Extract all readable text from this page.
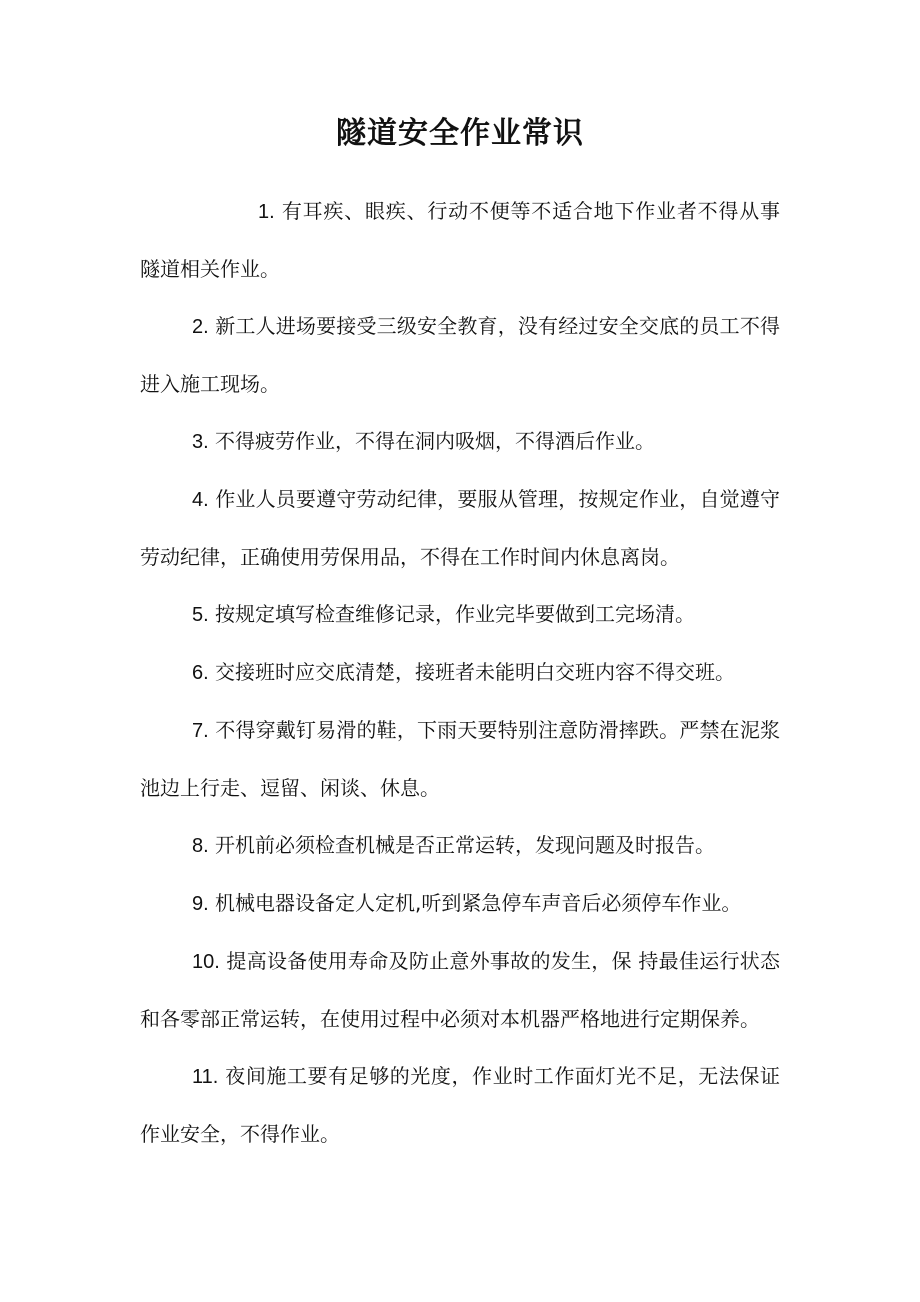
隧道安全作业常识

1. 有耳疾、眼疾、行动不便等不适合地下作业者不得从事隧道相关作业。

2. 新工人进场要接受三级安全教育，没有经过安全交底的员工不得进入施工现场。

3. 不得疲劳作业，不得在洞内吸烟，不得酒后作业。

4. 作业人员要遵守劳动纪律，要服从管理，按规定作业，自觉遵守劳动纪律，正确使用劳保用品，不得在工作时间内休息离岗。

5. 按规定填写检查维修记录，作业完毕要做到工完场清。

6. 交接班时应交底清楚，接班者未能明白交班内容不得交班。

7. 不得穿戴钉易滑的鞋，下雨天要特别注意防滑摔跌。严禁在泥浆池边上行走、逗留、闲谈、休息。

8. 开机前必须检查机械是否正常运转，发现问题及时报告。

9. 机械电器设备定人定机,听到紧急停车声音后必须停车作业。

10. 提高设备使用寿命及防止意外事故的发生，保 持最佳运行状态和各零部正常运转，在使用过程中必须对本机器严格地进行定期保养。

11. 夜间施工要有足够的光度，作业时工作面灯光不足，无法保证作业安全，不得作业。
